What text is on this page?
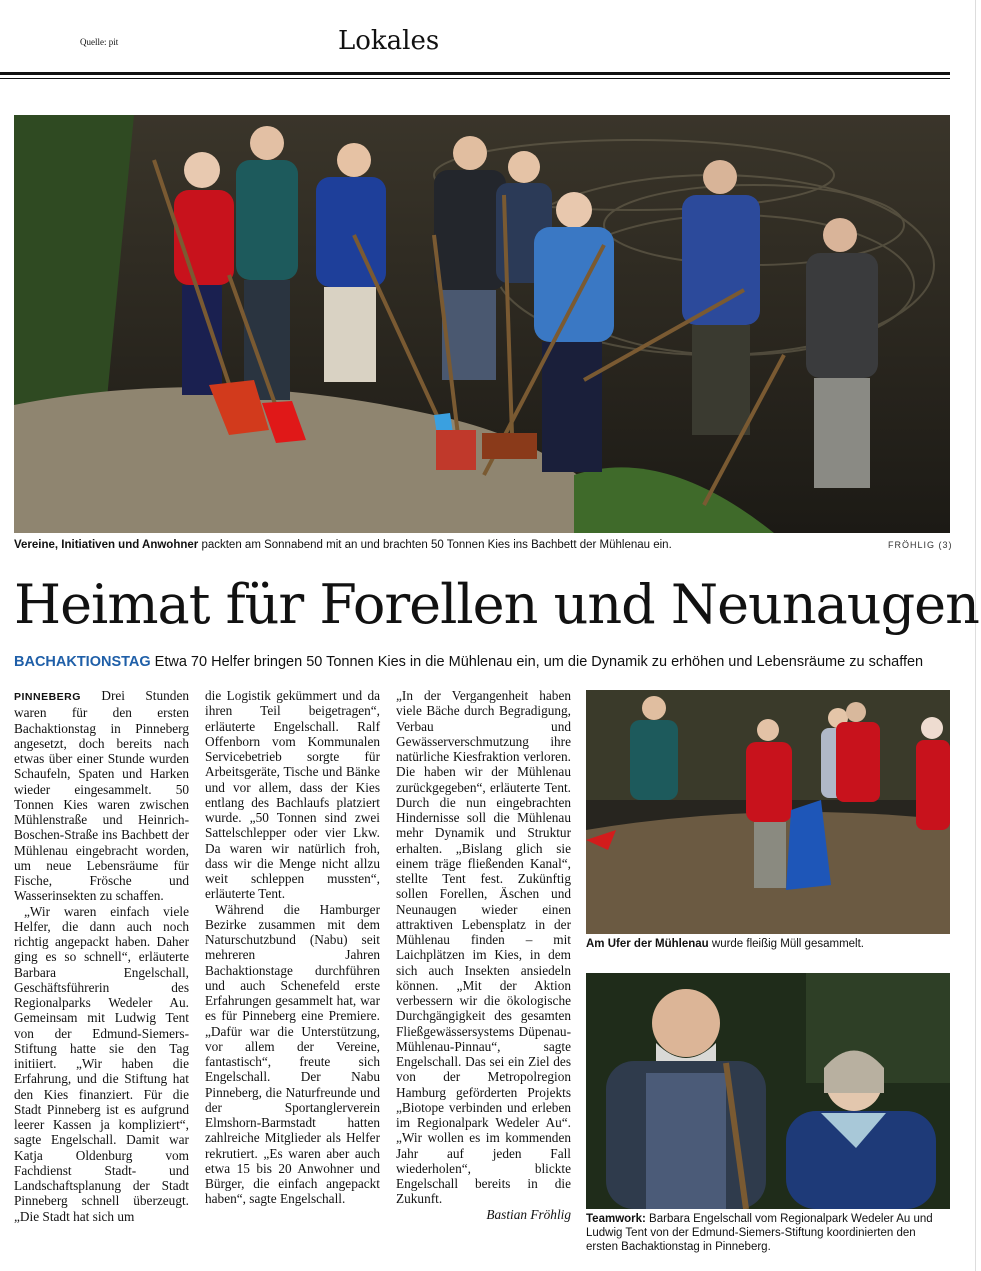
Quelle: pit	Lokales
Vereine, Initiativen und Anwohner packten am Sonnabend mit an und brachten 50 Tonnen Kies ins Bachbett der Mühlenau ein.	FRÖHLIG (3)
Heimat für Forellen und Neunaugen
BACHAKTIONSTAG Etwa 70 Helfer bringen 50 Tonnen Kies in die Mühlenau ein, um die Dynamik zu erhöhen und Lebensräume zu schaffen

PINNEBERG Drei Stunden waren für den ersten Bachaktionstag in Pinneberg angesetzt, doch bereits nach etwas über einer Stunde wurden Schaufeln, Spaten und Harken wieder eingesammelt. 50 Tonnen Kies waren zwischen Mühlenstraße und Heinrich-Boschen-Straße ins Bachbett der Mühlenau eingebracht worden, um neue Lebensräume für Fische, Frösche und Wasserinsekten zu schaffen.

„Wir waren einfach viele Helfer, die dann auch noch richtig angepackt haben. Daher ging es so schnell“, erläuterte Barbara Engelschall, Geschäftsführerin des Regionalparks Wedeler Au. Gemeinsam mit Ludwig Tent von der Edmund-Siemers-Stiftung hatte sie den Tag initiiert. „Wir haben die Erfahrung, und die Stiftung hat den Kies finanziert. Für die Stadt Pinneberg ist es aufgrund leerer Kassen ja kompliziert“, sagte Engelschall. Damit war Katja Oldenburg vom Fachdienst Stadt- und Landschaftsplanung der Stadt Pinneberg schnell überzeugt. „Die Stadt hat sich um

die Logistik gekümmert und da ihren Teil beigetragen“, erläuterte Engelschall. Ralf Offenborn vom Kommunalen Servicebetrieb sorgte für Arbeitsgeräte, Tische und Bänke und vor allem, dass der Kies entlang des Bachlaufs platziert wurde. „50 Tonnen sind zwei Sattelschlepper oder vier Lkw. Da waren wir natürlich froh, dass wir die Menge nicht allzu weit schleppen mussten“, erläuterte Tent.

Während die Hamburger Bezirke zusammen mit dem Naturschutzbund (Nabu) seit mehreren Jahren Bachaktionstage durchführen und auch Schenefeld erste Erfahrungen gesammelt hat, war es für Pinneberg eine Premiere. „Dafür war die Unterstützung, vor allem der Vereine, fantastisch“, freute sich Engelschall. Der Nabu Pinneberg, die Naturfreunde und der Sportanglerverein Elmshorn-Barmstadt hatten zahlreiche Mitglieder als Helfer rekrutiert. „Es waren aber auch etwa 15 bis 20 Anwohner und Bürger, die einfach angepackt haben“, sagte Engelschall.

„In der Vergangenheit haben viele Bäche durch Begradigung, Verbau und Gewässerverschmutzung ihre natürliche Kiesfraktion verloren. Die haben wir der Mühlenau zurückgegeben“, erläuterte Tent. Durch die nun eingebrachten Hindernisse soll die Mühlenau mehr Dynamik und Struktur erhalten. „Bislang glich sie einem träge fließenden Kanal“, stellte Tent fest. Zukünftig sollen Forellen, Äschen und Neunaugen wieder einen attraktiven Lebensplatz in der Mühlenau finden – mit Laichplätzen im Kies, in dem sich auch Insekten ansiedeln können. „Mit der Aktion verbessern wir die ökologische Durchgängigkeit des gesamten Fließgewässersystems Düpenau-Mühlenau-Pinnau“, sagte Engelschall. Das sei ein Ziel des von der Metropolregion Hamburg geförderten Projekts „Biotope verbinden und erleben im Regionalpark Wedeler Au“. „Wir wollen es im kommenden Jahr auf jeden Fall wiederholen“, blickte Engelschall bereits in die Zukunft.

Bastian Fröhlig
Am Ufer der Mühlenau wurde fleißig Müll gesammelt.
Teamwork: Barbara Engelschall vom Regionalpark Wedeler Au und Ludwig Tent von der Edmund-Siemers-Stiftung koordinierten den ersten Bachaktionstag in Pinneberg.
